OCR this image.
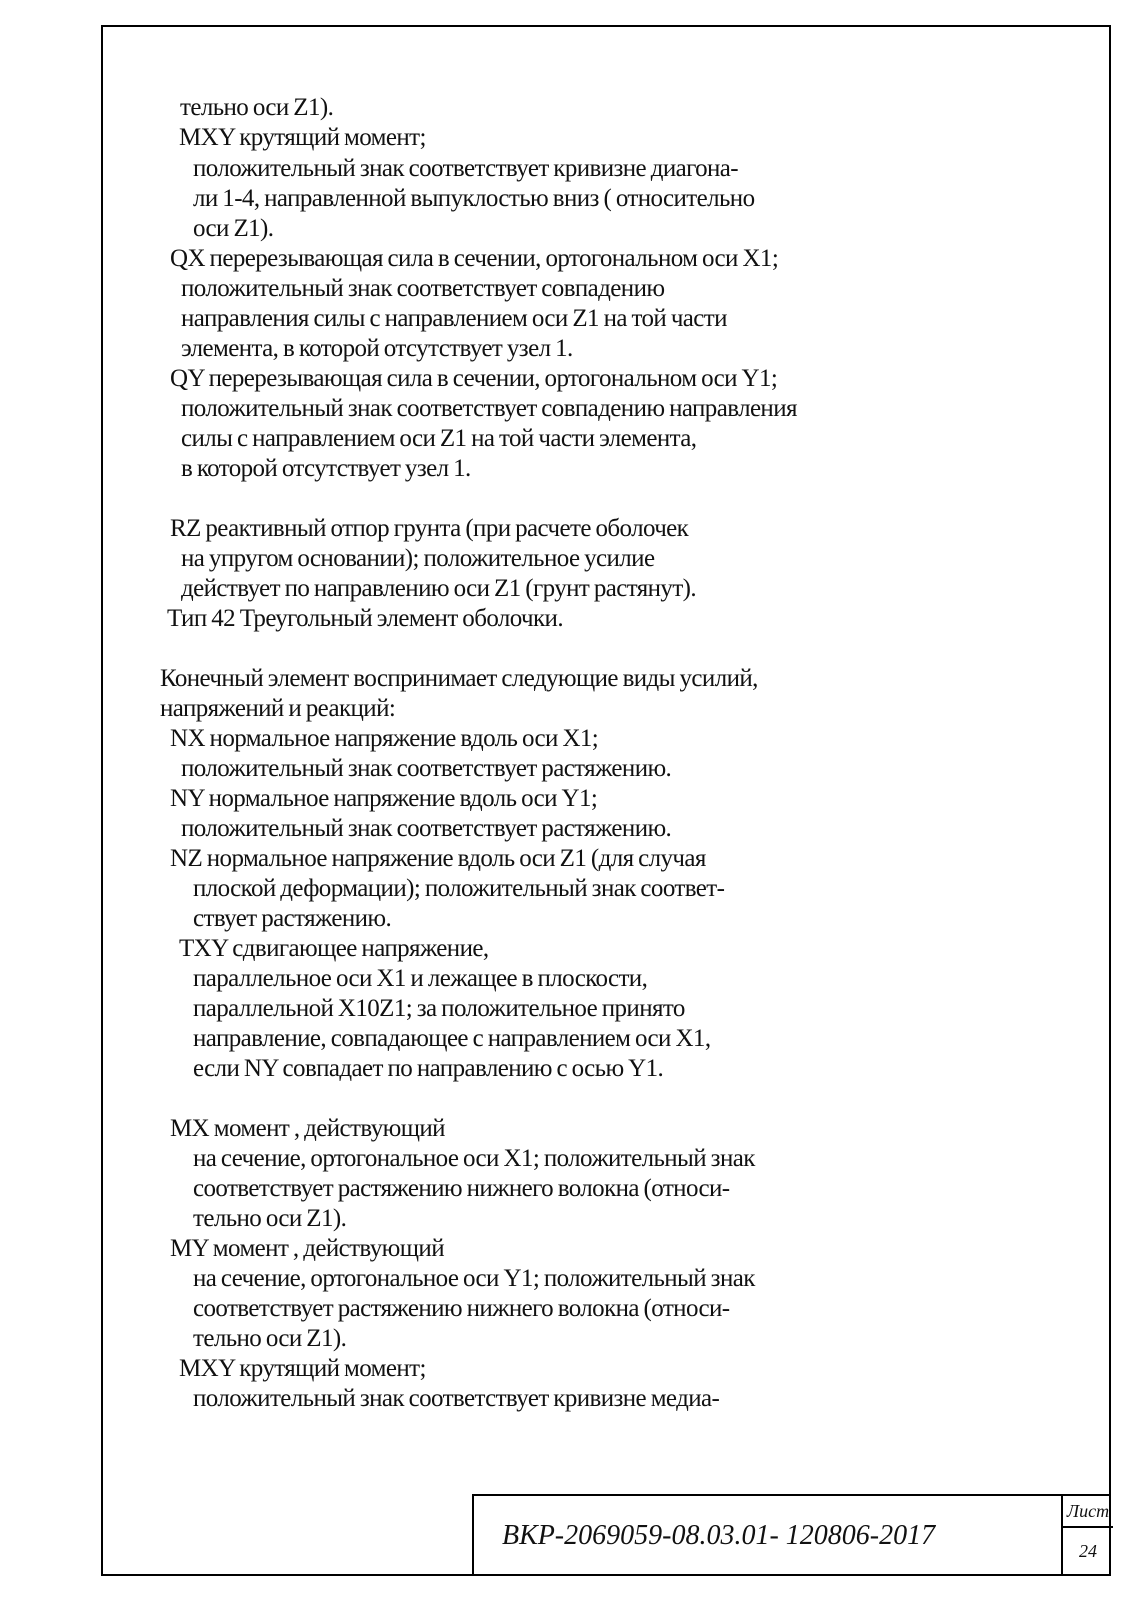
тельно оси Z1).
MXY крутящий момент;
положительный знак соответствует кривизне диагона-
ли 1-4, направленной выпуклостью вниз ( относительно
оси Z1).
QX перерезывающая сила в сечении, ортогональном оси X1;
положительный знак соответствует совпадению
направления силы с направлением оси Z1 на той части
элемента, в которой отсутствует узел 1.
QY перерезывающая сила в сечении, ортогональном оси Y1;
положительный знак соответствует совпадению направления
силы с направлением оси Z1 на той части элемента,
в которой отсутствует узел 1.
RZ реактивный отпор грунта (при расчете оболочек
на упругом основании); положительное усилие
действует по направлению оси Z1 (грунт растянут).
Тип 42 Треугольный элемент оболочки.
Конечный элемент воспринимает следующие виды усилий,
напряжений и реакций:
NX нормальное напряжение вдоль оси X1;
положительный знак соответствует растяжению.
NY нормальное напряжение вдоль оси Y1;
положительный знак соответствует растяжению.
NZ нормальное напряжение вдоль оси Z1 (для случая
плоской деформации); положительный знак соответ-
ствует растяжению.
TXY сдвигающее напряжение,
параллельное оси X1 и лежащее в плоскости,
параллельной X10Z1; за положительное принято
направление, совпадающее с направлением оси X1,
если NY совпадает по направлению с осью Y1.
MX момент , действующий
на сечение, ортогональное оси X1; положительный знак
соответствует растяжению нижнего волокна (относи-
тельно оси Z1).
MY момент , действующий
на сечение, ортогональное оси Y1; положительный знак
соответствует растяжению нижнего волокна (относи-
тельно оси Z1).
MXY крутящий момент;
положительный знак соответствует кривизне медиа-
ВКР-2069059-08.03.01- 120806-2017
Лист
24
